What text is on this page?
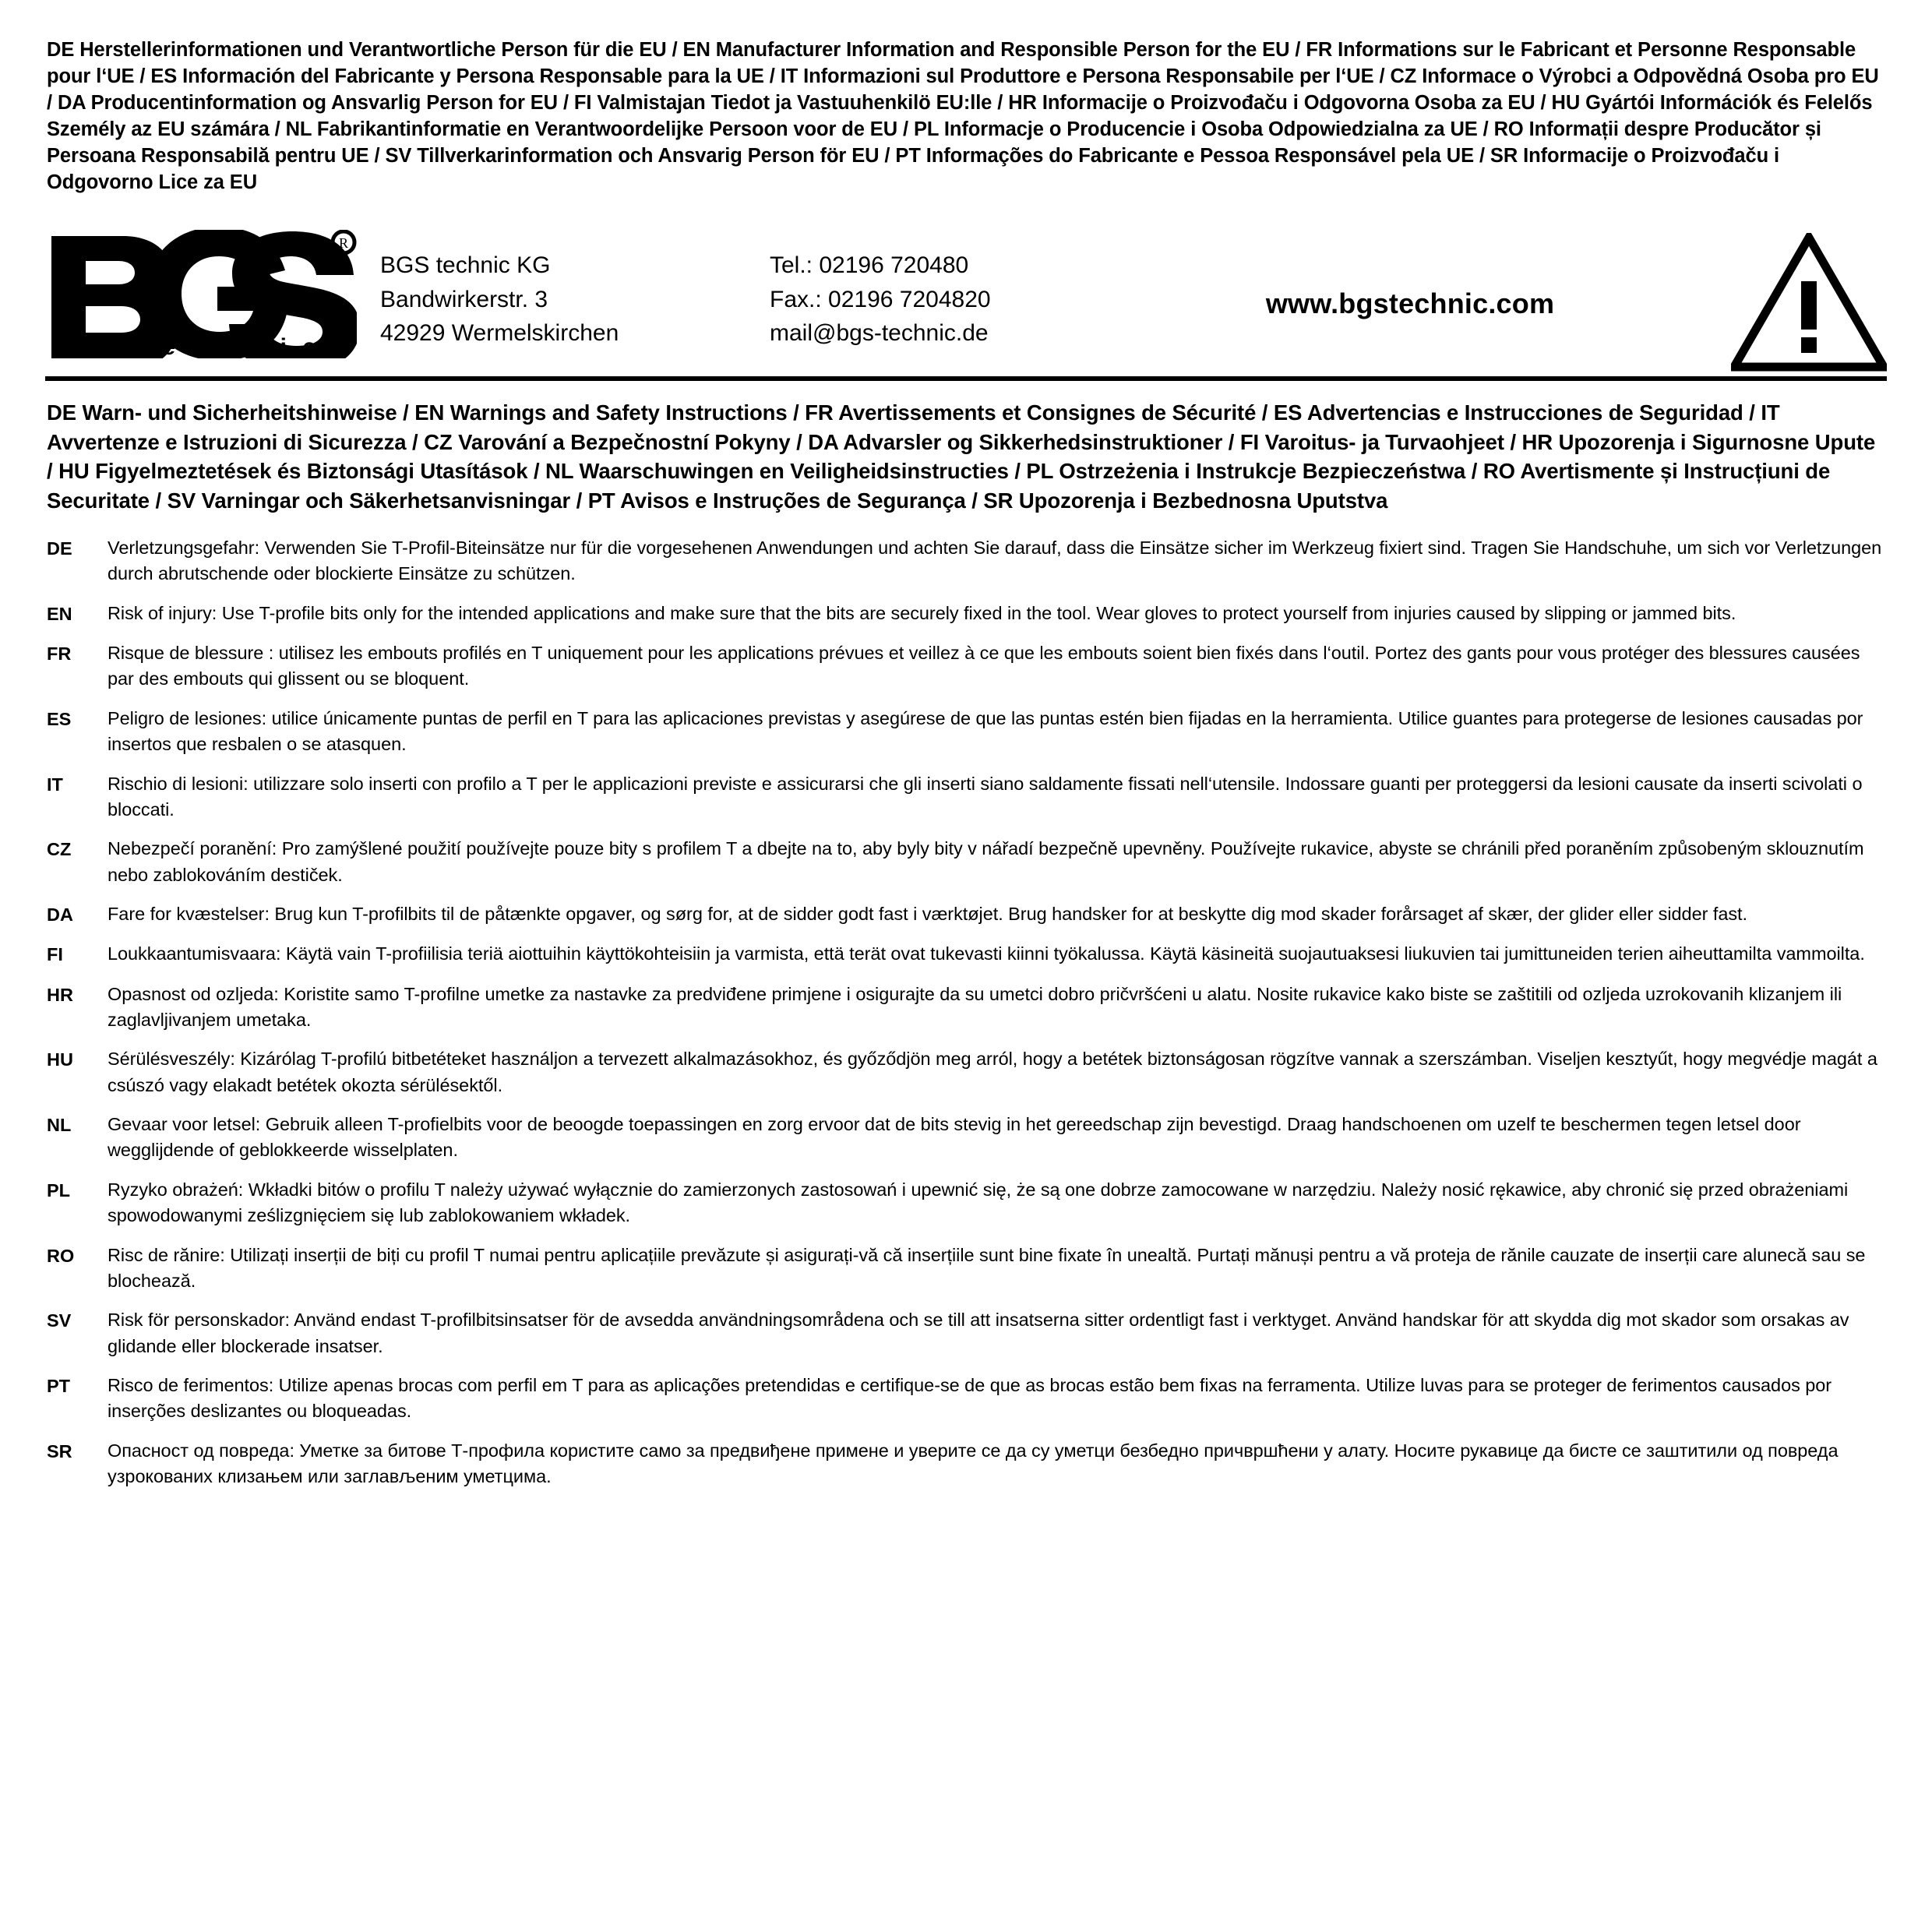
DE Herstellerinformationen und Verantwortliche Person für die EU / EN Manufacturer Information and Responsible Person for the EU / FR Informations sur le Fabricant et Personne Responsable pour l‘UE / ES Información del Fabricante y Persona Responsable para la UE / IT Informazioni sul Produttore e Persona Responsabile per l‘UE / CZ Informace o Výrobci a Odpovědná Osoba pro EU / DA Producentinformation og Ansvarlig Person for EU / FI Valmistajan Tiedot ja Vastuuhenkilö EU:lle / HR Informacije o Proizvođaču i Odgovorna Osoba za EU / HU Gyártói Információk és Felelős Személy az EU számára / NL Fabrikantinformatie en Verantwoordelijke Persoon voor de EU / PL Informacje o Producencie i Osoba Odpowiedzialna za UE / RO Informații despre Producător și Persoana Responsabilă pentru UE / SV Tillverkarinformation och Ansvarig Person för EU / PT Informações do Fabricante e Pessoa Responsável pela UE / SR Informacije o Proizvođaču i Odgovorno Lice za EU
R
t e c h n i c
BGS technic KG
Bandwirkerstr. 3
42929 Wermelskirchen
Tel.: 02196 720480
Fax.: 02196 7204820
mail@bgs-technic.de
www.bgstechnic.com
DE Warn- und Sicherheitshinweise / EN Warnings and Safety Instructions / FR Avertissements et Consignes de Sécurité / ES Advertencias e Instrucciones de Seguridad / IT Avvertenze e Istruzioni di Sicurezza / CZ Varování a Bezpečnostní Pokyny / DA Advarsler og Sikkerhedsinstruktioner / FI Varoitus- ja Turvaohjeet / HR Upozorenja i Sigurnosne Upute / HU Figyelmeztetések és Biztonsági Utasítások / NL Waarschuwingen en Veiligheidsinstructies / PL Ostrzeżenia i Instrukcje Bezpieczeństwa / RO Avertismente și Instrucțiuni de Securitate / SV Varningar och Säkerhetsanvisningar / PT Avisos e Instruções de Segurança / SR Upozorenja i Bezbednosna Uputstva
DE	Verletzungsgefahr: Verwenden Sie T-Profil-Biteinsätze nur für die vorgesehenen Anwendungen und achten Sie darauf, dass die Einsätze sicher im Werkzeug fixiert sind. Tragen Sie Handschuhe, um sich vor Verletzungen durch abrutschende oder blockierte Einsätze zu schützen.
EN	Risk of injury: Use T-profile bits only for the intended applications and make sure that the bits are securely fixed in the tool. Wear gloves to protect yourself from injuries caused by slipping or jammed bits.
FR	Risque de blessure : utilisez les embouts profilés en T uniquement pour les applications prévues et veillez à ce que les embouts soient bien fixés dans l‘outil. Portez des gants pour vous protéger des blessures causées par des embouts qui glissent ou se bloquent.
ES	Peligro de lesiones: utilice únicamente puntas de perfil en T para las aplicaciones previstas y asegúrese de que las puntas estén bien fijadas en la herramienta. Utilice guantes para protegerse de lesiones causadas por insertos que resbalen o se atasquen.
IT	Rischio di lesioni: utilizzare solo inserti con profilo a T per le applicazioni previste e assicurarsi che gli inserti siano saldamente fissati nell‘utensile. Indossare guanti per proteggersi da lesioni causate da inserti scivolati o bloccati.
CZ	Nebezpečí poranění: Pro zamýšlené použití používejte pouze bity s profilem T a dbejte na to, aby byly bity v nářadí bezpečně upevněny. Používejte rukavice, abyste se chránili před poraněním způsobeným sklouznutím nebo zablokováním destiček.
DA	Fare for kvæstelser: Brug kun T-profilbits til de påtænkte opgaver, og sørg for, at de sidder godt fast i værktøjet. Brug handsker for at beskytte dig mod skader forårsaget af skær, der glider eller sidder fast.
FI	Loukkaantumisvaara: Käytä vain T-profiilisia teriä aiottuihin käyttökohteisiin ja varmista, että terät ovat tukevasti kiinni työkalussa. Käytä käsineitä suojautuaksesi liukuvien tai jumittuneiden terien aiheuttamilta vammoilta.
HR	Opasnost od ozljeda: Koristite samo T-profilne umetke za nastavke za predviđene primjene i osigurajte da su umetci dobro pričvršćeni u alatu. Nosite rukavice kako biste se zaštitili od ozljeda uzrokovanih klizanjem ili zaglavljivanjem umetaka.
HU	Sérülésveszély: Kizárólag T-profilú bitbetéteket használjon a tervezett alkalmazásokhoz, és győződjön meg arról, hogy a betétek biztonságosan rögzítve vannak a szerszámban. Viseljen kesztyűt, hogy megvédje magát a csúszó vagy elakadt betétek okozta sérülésektől.
NL	Gevaar voor letsel: Gebruik alleen T-profielbits voor de beoogde toepassingen en zorg ervoor dat de bits stevig in het gereedschap zijn bevestigd. Draag handschoenen om uzelf te beschermen tegen letsel door wegglijdende of geblokkeerde wisselplaten.
PL	Ryzyko obrażeń: Wkładki bitów o profilu T należy używać wyłącznie do zamierzonych zastosowań i upewnić się, że są one dobrze zamocowane w narzędziu. Należy nosić rękawice, aby chronić się przed obrażeniami spowodowanymi ześlizgnięciem się lub zablokowaniem wkładek.
RO	Risc de rănire: Utilizați inserții de biți cu profil T numai pentru aplicațiile prevăzute și asigurați-vă că inserțiile sunt bine fixate în unealtă. Purtați mănuși pentru a vă proteja de rănile cauzate de inserții care alunecă sau se blochează.
SV	Risk för personskador: Använd endast T-profilbitsinsatser för de avsedda användningsområdena och se till att insatserna sitter ordentligt fast i verktyget. Använd handskar för att skydda dig mot skador som orsakas av glidande eller blockerade insatser.
PT	Risco de ferimentos: Utilize apenas brocas com perfil em T para as aplicações pretendidas e certifique-se de que as brocas estão bem fixas na ferramenta. Utilize luvas para se proteger de ferimentos causados por inserções deslizantes ou bloqueadas.
SR	Опасност од повреда: Уметке за битове Т-профила користите само за предвиђене примене и уверите се да су уметци безбедно причвршћени у алату. Носите рукавице да бисте се заштитили од повреда узрокованих клизањем или заглављеним уметцима.
